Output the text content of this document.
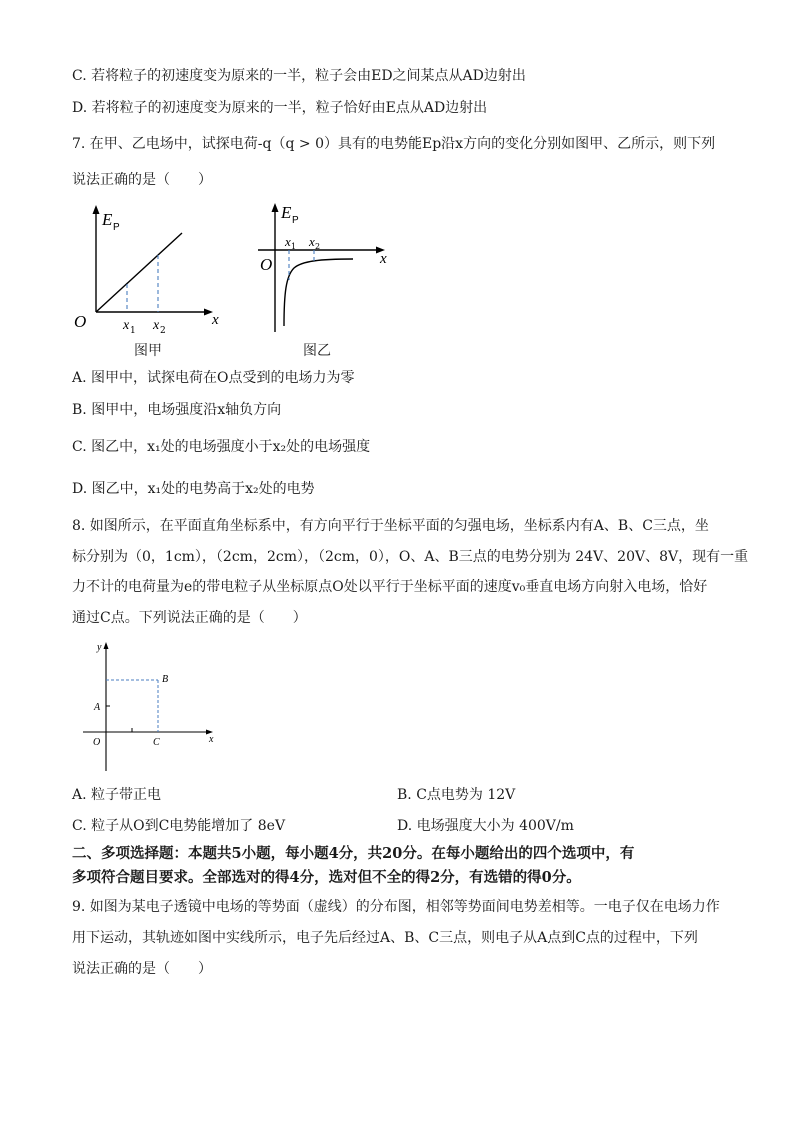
C. 若将粒子的初速度变为原来的一半，粒子会由ED之间某点从AD边射出
D. 若将粒子的初速度变为原来的一半，粒子恰好由E点从AD边射出
7. 在甲、乙电场中，试探电荷-q（q > 0）具有的电势能Ep沿x方向的变化分别如图甲、乙所示，则下列
说法正确的是（　　）
E P
O	x
x 1 x 2
图甲
E P
O	x
x 1 x 2
图乙
A. 图甲中，试探电荷在O点受到的电场力为零
B. 图甲中，电场强度沿x轴负方向
C. 图乙中，x₁处的电场强度小于x₂处的电场强度
D. 图乙中，x₁处的电势高于x₂处的电势
8. 如图所示，在平面直角坐标系中，有方向平行于坐标平面的匀强电场，坐标系内有A、B、C三点，坐
标分别为（0，1cm），（2cm，2cm），（2cm，0），O、A、B三点的电势分别为 24V、20V、8V，现有一重
力不计的电荷量为e的带电粒子从坐标原点O处以平行于坐标平面的速度v₀垂直电场方向射入电场，恰好
通过C点。下列说法正确的是（　　）
y
x
O
A
B
C
A. 粒子带正电	B. C点电势为 12V
C. 粒子从O到C电势能增加了 8eV	D. 电场强度大小为 400V/m
二、多项选择题：本题共5小题，每小题4分，共20分。在每小题给出的四个选项中，有
多项符合题目要求。全部选对的得4分，选对但不全的得2分，有选错的得0分。
9. 如图为某电子透镜中电场的等势面（虚线）的分布图，相邻等势面间电势差相等。一电子仅在电场力作
用下运动，其轨迹如图中实线所示，电子先后经过A、B、C三点，则电子从A点到C点的过程中，下列
说法正确的是（　　）
